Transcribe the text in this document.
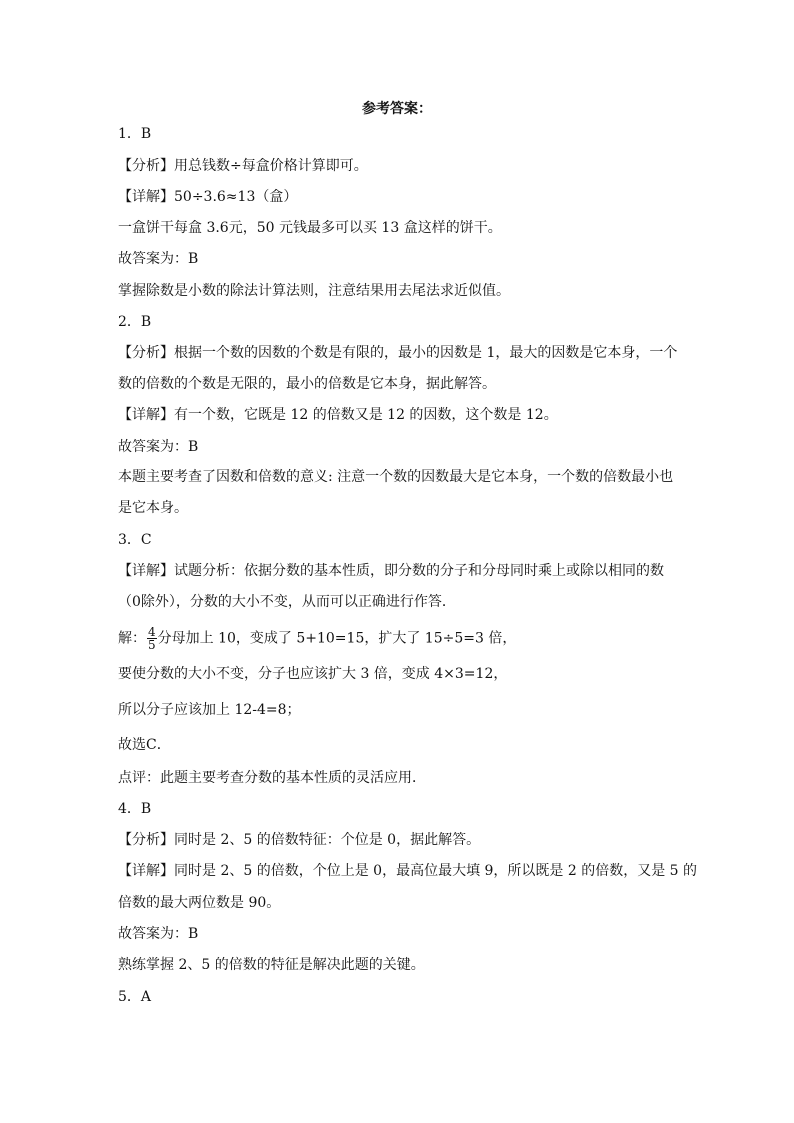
参考答案：
1．B
【分析】用总钱数÷每盒价格计算即可。
【详解】50÷3.6≈13（盒）
一盒饼干每盒 3.6元，50 元钱最多可以买 13 盒这样的饼干。
故答案为：B
掌握除数是小数的除法计算法则，注意结果用去尾法求近似值。
2．B
【分析】根据一个数的因数的个数是有限的，最小的因数是 1，最大的因数是它本身，一个
数的倍数的个数是无限的，最小的倍数是它本身，据此解答。
【详解】有一个数，它既是 12 的倍数又是 12 的因数，这个数是 12。
故答案为：B
本题主要考查了因数和倍数的意义: 注意一个数的因数最大是它本身，一个数的倍数最小也
是它本身。
3．C
【详解】试题分析：依据分数的基本性质，即分数的分子和分母同时乘上或除以相同的数
（0除外），分数的大小不变，从而可以正确进行作答．
解： $\frac{4}{5}$ 分母加上 10，变成了 5+10=15，扩大了 15÷5=3 倍，
要使分数的大小不变，分子也应该扩大 3 倍，变成 4×3=12，
所以分子应该加上 12-4=8；
故选C．
点评：此题主要考查分数的基本性质的灵活应用．
4．B
【分析】同时是 2、5 的倍数特征：个位是 0，据此解答。
【详解】同时是 2、5 的倍数，个位上是 0，最高位最大填 9，所以既是 2 的倍数，又是 5 的
倍数的最大两位数是 90。
故答案为：B
熟练掌握 2、5 的倍数的特征是解决此题的关键。
5．A
